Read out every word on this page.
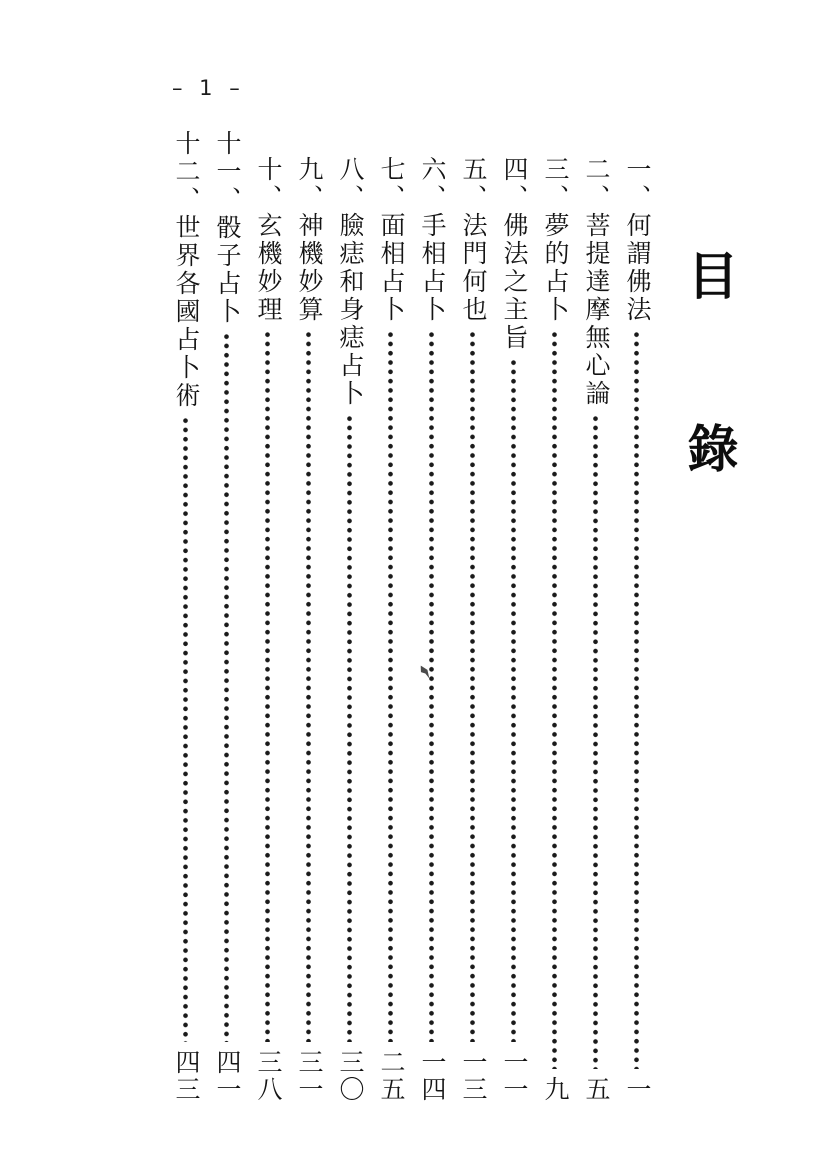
– 1 –
目錄
一、何謂佛法
一
二、菩提達摩無心論
五
三、夢的占卜
九
四、佛法之主旨
一一
五、法門何也
一三
六、手相占卜
一四
七、面相占卜
二五
八、臉痣和身痣占卜
三〇
九、神機妙算
三一
十、玄機妙理
三八
十一、骰子占卜
四一
十二、世界各國占卜術
四三
